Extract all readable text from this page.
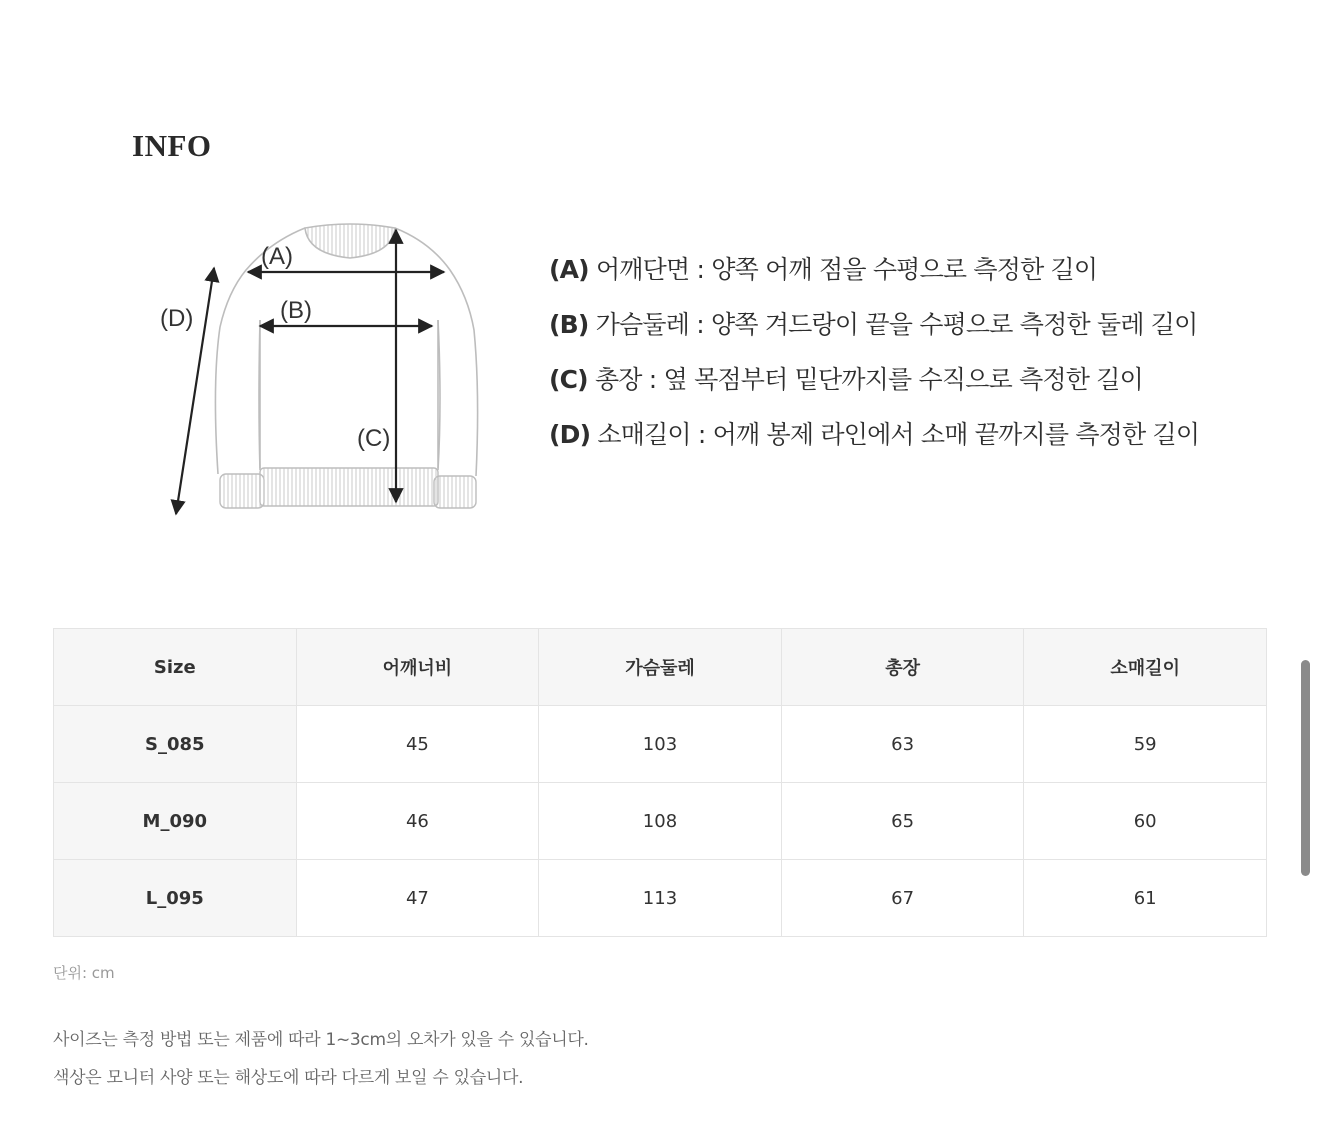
INFO
(A)
(B)
(C)
(D)
(A) 어깨단면 : 양쪽 어깨 점을 수평으로 측정한 길이
(B) 가슴둘레 : 양쪽 겨드랑이 끝을 수평으로 측정한 둘레 길이
(C) 총장 : 옆 목점부터 밑단까지를 수직으로 측정한 길이
(D) 소매길이 : 어깨 봉제 라인에서 소매 끝까지를 측정한 길이
Size	어깨너비	가슴둘레	총장	소매길이
S_085	45	103	63	59
M_090	46	108	65	60
L_095	47	113	67	61

단위: cm

사이즈는 측정 방법 또는 제품에 따라 1~3cm의 오차가 있을 수 있습니다.
색상은 모니터 사양 또는 해상도에 따라 다르게 보일 수 있습니다.
